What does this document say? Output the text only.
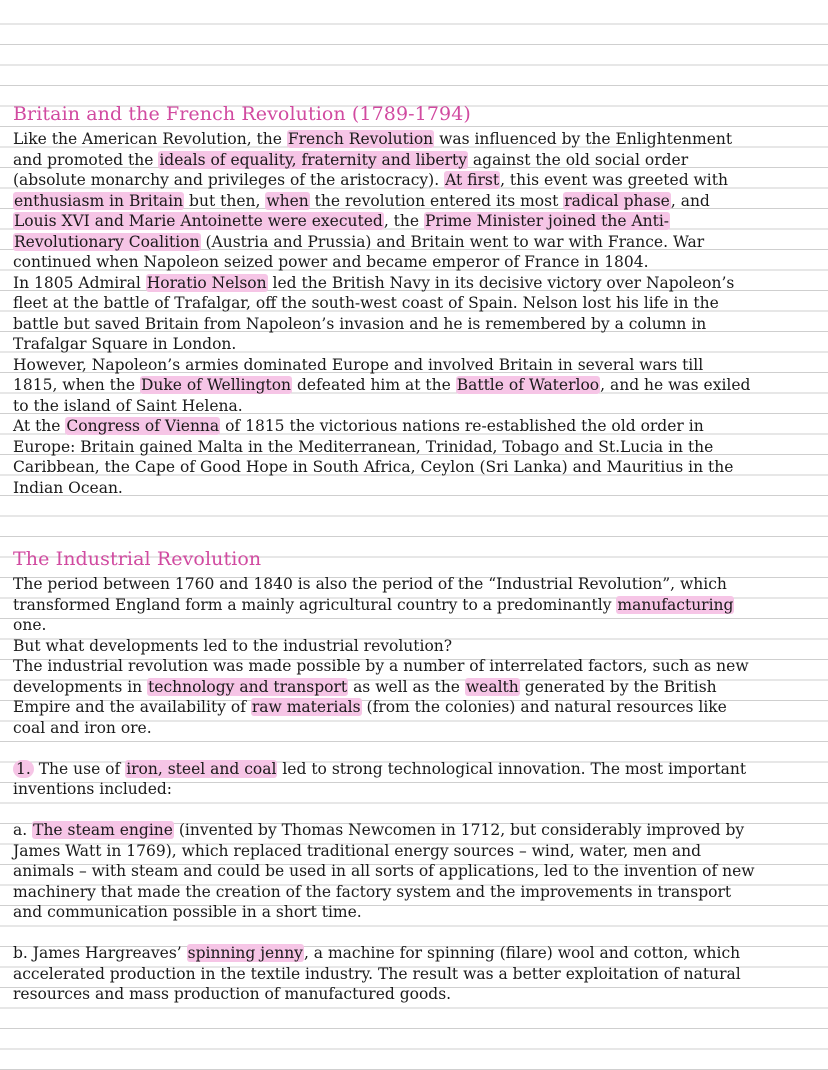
Britain and the French Revolution (1789-1794)
Like the American Revolution, the French Revolution was influenced by the Enlightenment
and promoted the ideals of equality, fraternity and liberty against the old social order
(absolute monarchy and privileges of the aristocracy). At first, this event was greeted with
enthusiasm in Britain but then, when the revolution entered its most radical phase, and
Louis XVI and Marie Antoinette were executed, the Prime Minister joined the Anti-
Revolutionary Coalition (Austria and Prussia) and Britain went to war with France. War
continued when Napoleon seized power and became emperor of France in 1804.
In 1805 Admiral Horatio Nelson led the British Navy in its decisive victory over Napoleon’s
fleet at the battle of Trafalgar, off the south-west coast of Spain. Nelson lost his life in the
battle but saved Britain from Napoleon’s invasion and he is remembered by a column in
Trafalgar Square in London.
However, Napoleon’s armies dominated Europe and involved Britain in several wars till
1815, when the Duke of Wellington defeated him at the Battle of Waterloo, and he was exiled
to the island of Saint Helena.
At the Congress of Vienna of 1815 the victorious nations re-established the old order in
Europe: Britain gained Malta in the Mediterranean, Trinidad, Tobago and St.Lucia in the
Caribbean, the Cape of Good Hope in South Africa, Ceylon (Sri Lanka) and Mauritius in the
Indian Ocean.
The Industrial Revolution
The period between 1760 and 1840 is also the period of the “Industrial Revolution”, which
transformed England form a mainly agricultural country to a predominantly manufacturing
one.
But what developments led to the industrial revolution?
The industrial revolution was made possible by a number of interrelated factors, such as new
developments in technology and transport as well as the wealth generated by the British
Empire and the availability of raw materials (from the colonies) and natural resources like
coal and iron ore.
1. The use of iron, steel and coal led to strong technological innovation. The most important
inventions included:
a. The steam engine (invented by Thomas Newcomen in 1712, but considerably improved by
James Watt in 1769), which replaced traditional energy sources – wind, water, men and
animals – with steam and could be used in all sorts of applications, led to the invention of new
machinery that made the creation of the factory system and the improvements in transport
and communication possible in a short time.
b. James Hargreaves’ spinning jenny, a machine for spinning (filare) wool and cotton, which
accelerated production in the textile industry. The result was a better exploitation of natural
resources and mass production of manufactured goods.
